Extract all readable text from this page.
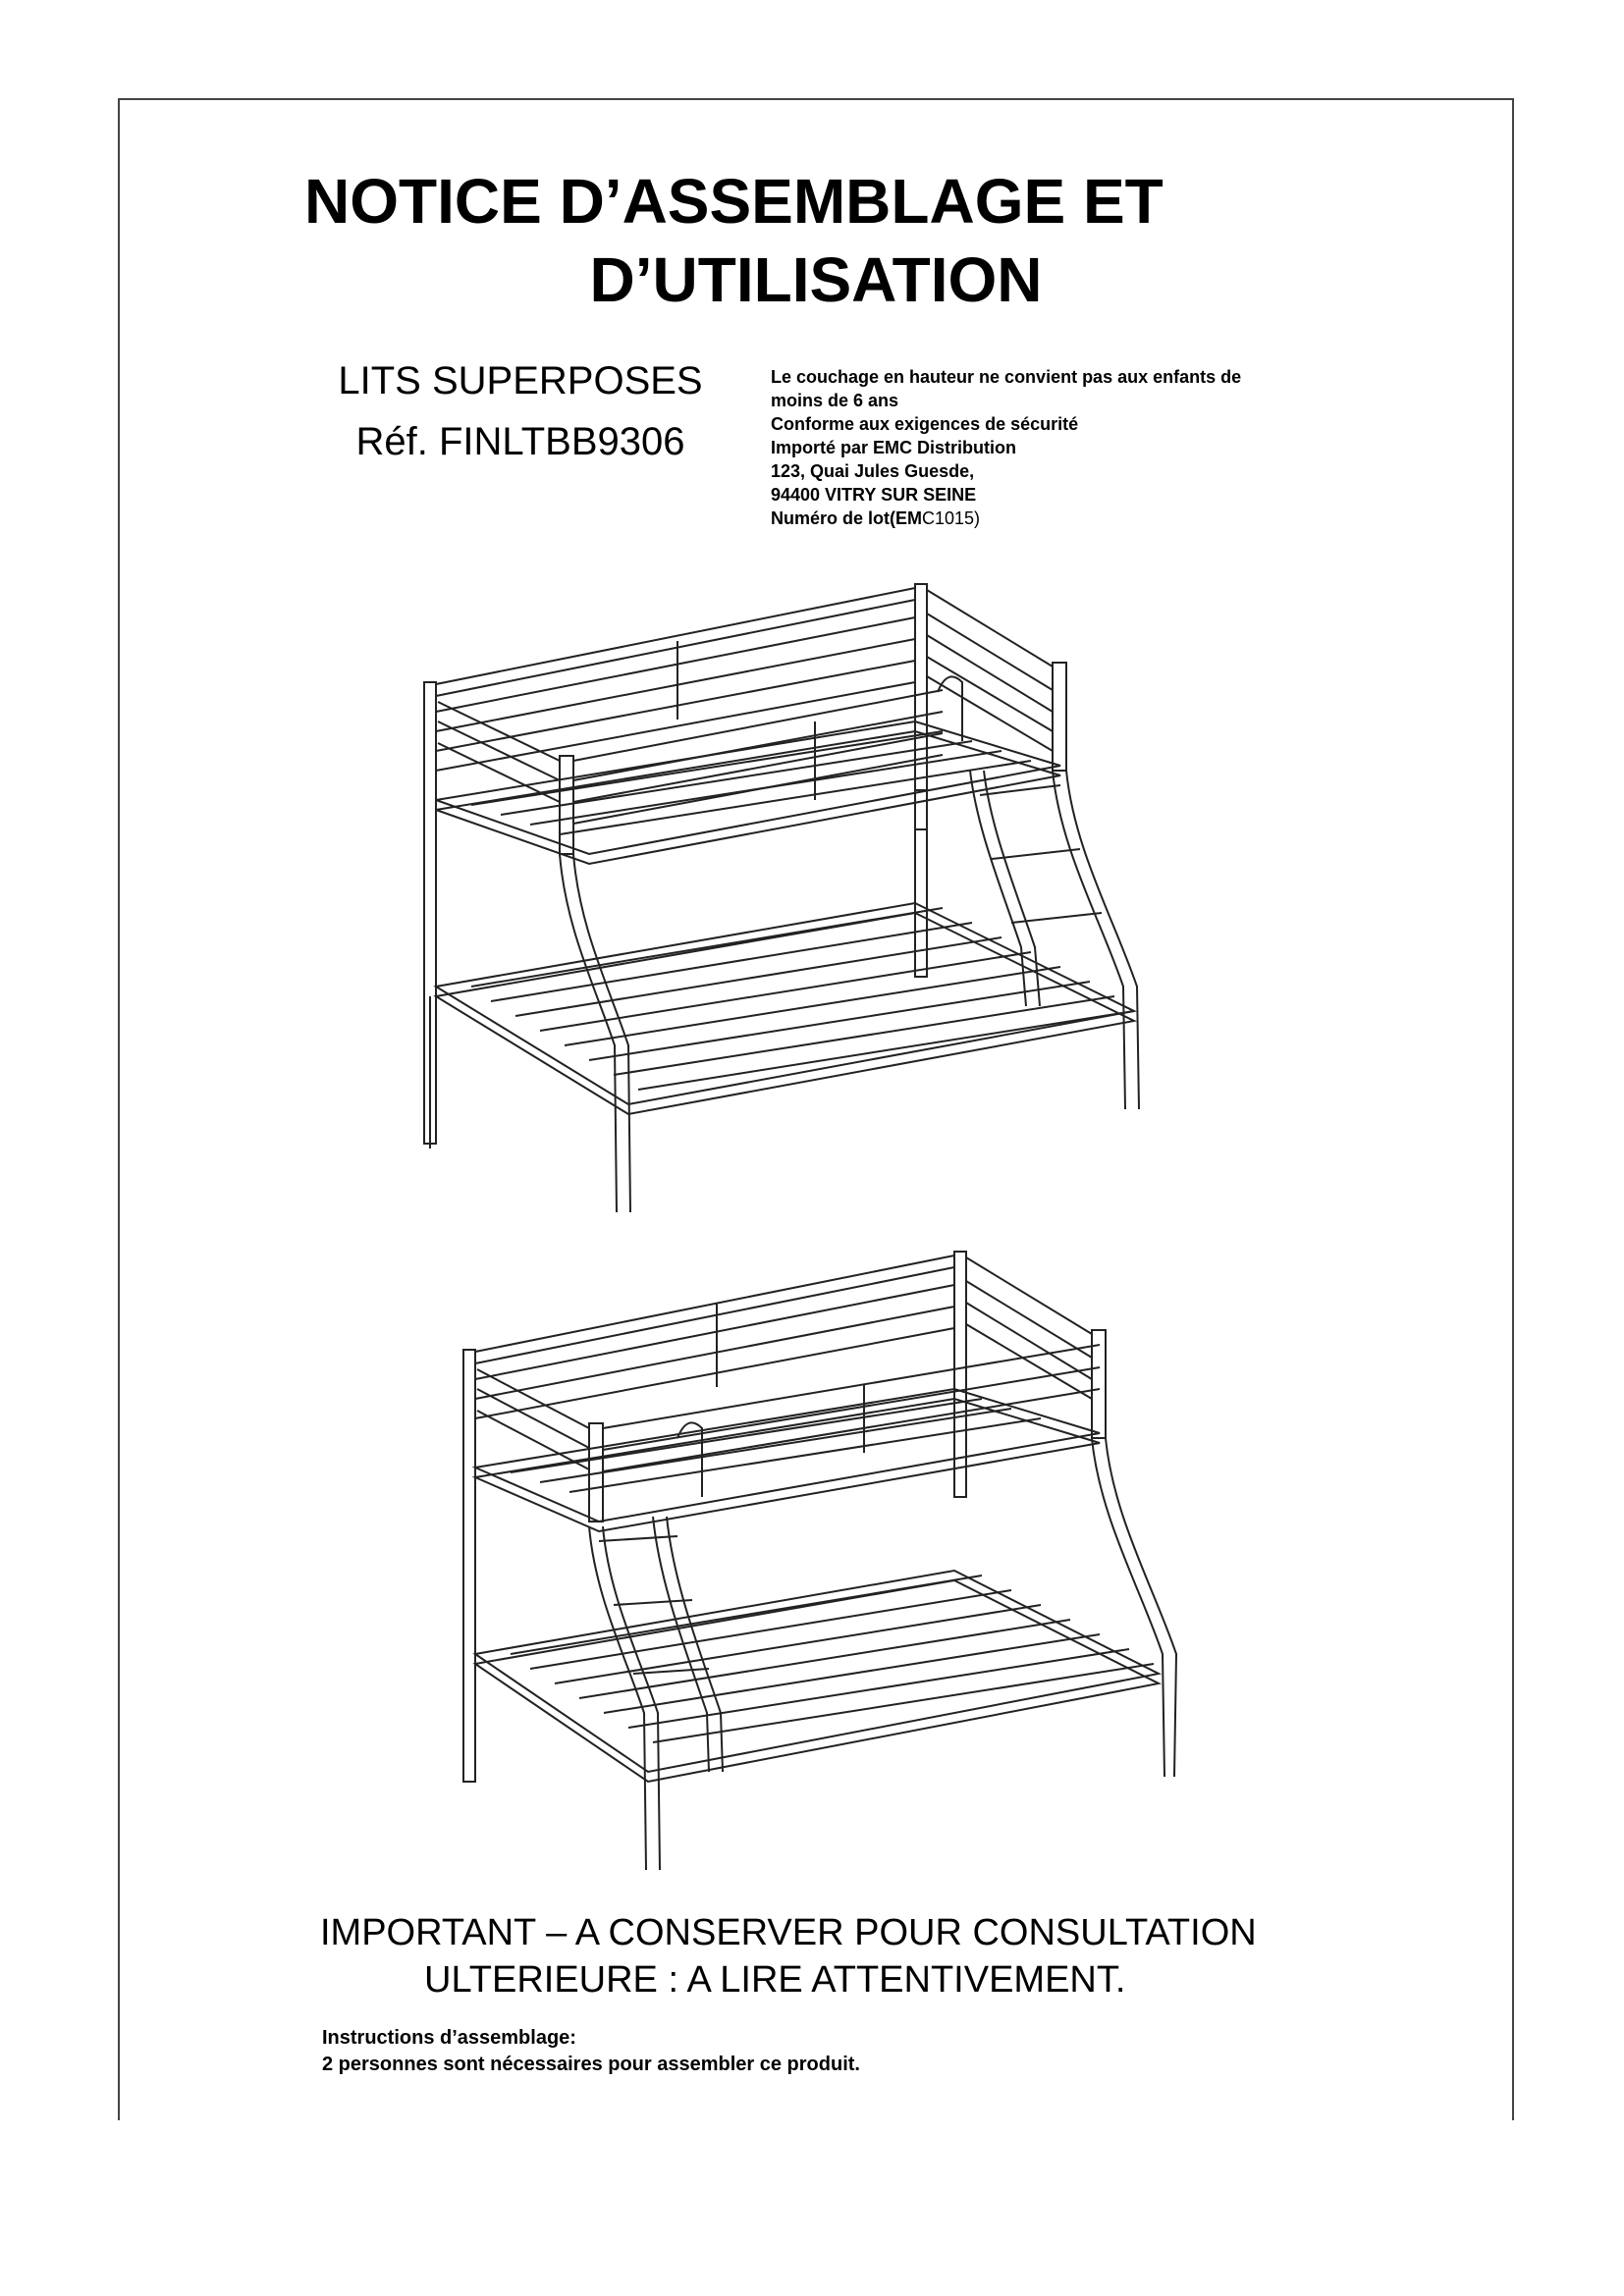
NOTICE D’ASSEMBLAGE ET
D’UTILISATION
LITS SUPERPOSES
Réf. FINLTBB9306
Le couchage en hauteur ne convient pas aux enfants de
moins de 6 ans
Conforme aux exigences de sécurité
Importé par EMC Distribution
123, Quai Jules Guesde,
94400 VITRY SUR SEINE
Numéro de lot(EMC1015)
IMPORTANT – A CONSERVER POUR CONSULTATION
ULTERIEURE : A LIRE ATTENTIVEMENT.
Instructions d’assemblage:
2 personnes sont nécessaires pour assembler ce produit.
